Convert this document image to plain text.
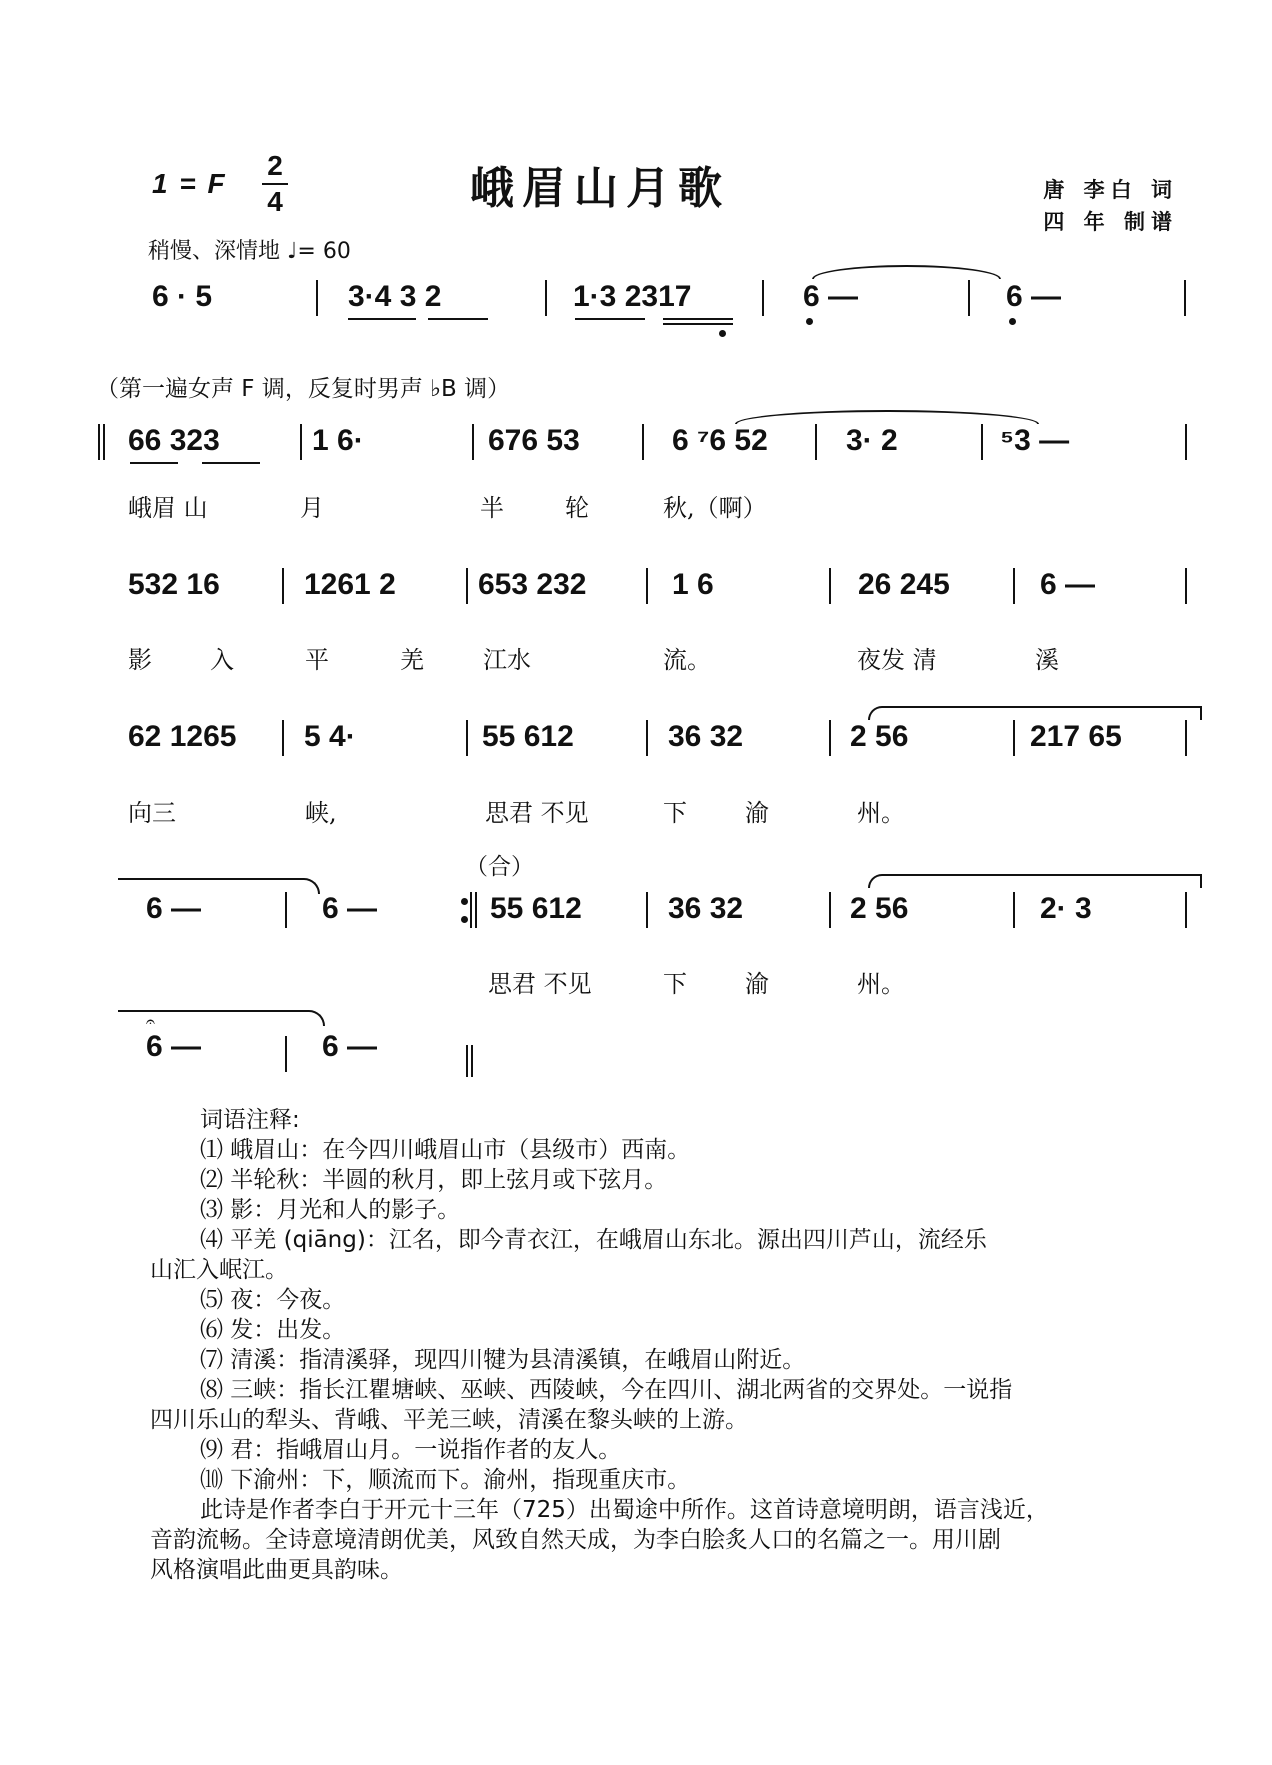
1 = F
2
4	峨眉山月歌	唐 李白 词
四 年 制谱
稍慢、深情地 ♩= 60
6 · 5	3·4 3 2	1·3 2317	6 —	6 —
（第一遍女声 F 调，反复时男声 ♭B 调）
66 323	1 6·	676 53	6 ⁷6 52	3· 2	⁵3 —
峨眉 山	月	半	轮	秋,（啊）
532 16	1261 2	653 232	1 6	26 245	6 —
影 入	平	羌 江水	流。	夜发 清	溪
62 1265 5 4·	55 612	36 32	2 56	217 65
向三	峡,	思君 不见	下 渝	州。
（合）
6 —	6 —	55 612	36 32	2 56	2· 3
思君 不见	下 渝	州。
𝄐
6 —	6 —

词语注释:

⑴ 峨眉山：在今四川峨眉山市（县级市）西南。

⑵ 半轮秋：半圆的秋月，即上弦月或下弦月。

⑶ 影：月光和人的影子。

⑷ 平羌 (qiāng)：江名，即今青衣江，在峨眉山东北。源出四川芦山，流经乐

山汇入岷江。

⑸ 夜：今夜。

⑹ 发：出发。

⑺ 清溪：指清溪驿，现四川犍为县清溪镇，在峨眉山附近。

⑻ 三峡：指长江瞿塘峡、巫峡、西陵峡，今在四川、湖北两省的交界处。一说指

四川乐山的犁头、背峨、平羌三峡，清溪在黎头峡的上游。

⑼ 君：指峨眉山月。一说指作者的友人。

⑽ 下渝州：下，顺流而下。渝州，指现重庆市。

此诗是作者李白于开元十三年（725）出蜀途中所作。这首诗意境明朗，语言浅近，

音韵流畅。全诗意境清朗优美，风致自然天成，为李白脍炙人口的名篇之一。用川剧

风格演唱此曲更具韵味。
